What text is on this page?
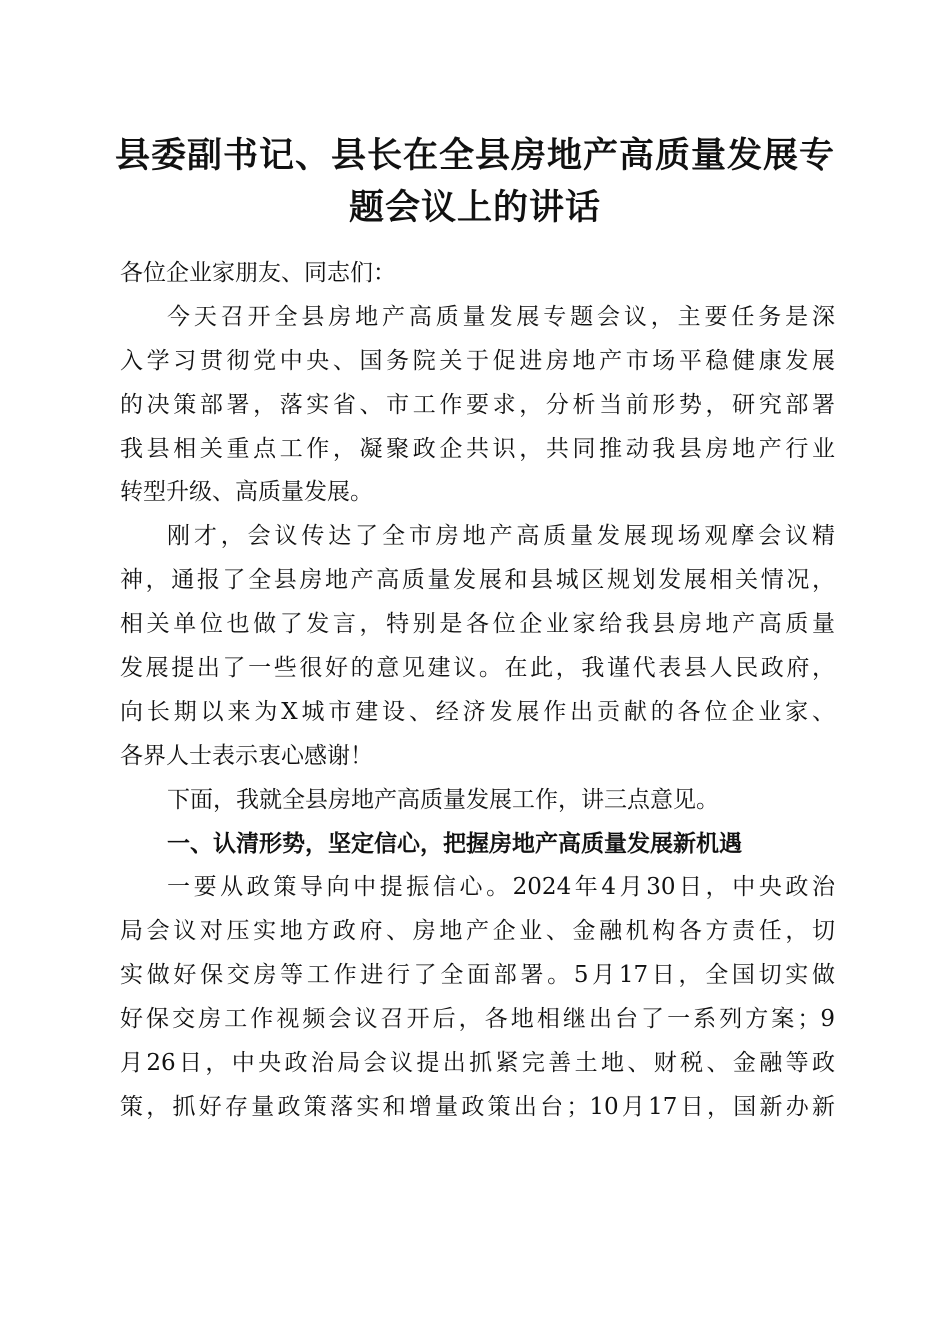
县委副书记、县长在全县房地产高质量发展专
题会议上的讲话
各位企业家朋友、同志们：
今天召开全县房地产高质量发展专题会议，主要任务是深
入学习贯彻党中央、国务院关于促进房地产市场平稳健康发展
的决策部署，落实省、市工作要求，分析当前形势，研究部署
我县相关重点工作，凝聚政企共识，共同推动我县房地产行业
转型升级、高质量发展。
刚才，会议传达了全市房地产高质量发展现场观摩会议精
神，通报了全县房地产高质量发展和县城区规划发展相关情况，
相关单位也做了发言，特别是各位企业家给我县房地产高质量
发展提出了一些很好的意见建议。在此，我谨代表县人民政府，
向长期以来为X城市建设、经济发展作出贡献的各位企业家、
各界人士表示衷心感谢！
下面，我就全县房地产高质量发展工作，讲三点意见。
一、认清形势，坚定信心，把握房地产高质量发展新机遇
一要从政策导向中提振信心。2024年4月30日，中央政治
局会议对压实地方政府、房地产企业、金融机构各方责任，切
实做好保交房等工作进行了全面部署。5月17日，全国切实做
好保交房工作视频会议召开后，各地相继出台了一系列方案；9
月26日，中央政治局会议提出抓紧完善土地、财税、金融等政
策，抓好存量政策落实和增量政策出台；10月17日，国新办新
